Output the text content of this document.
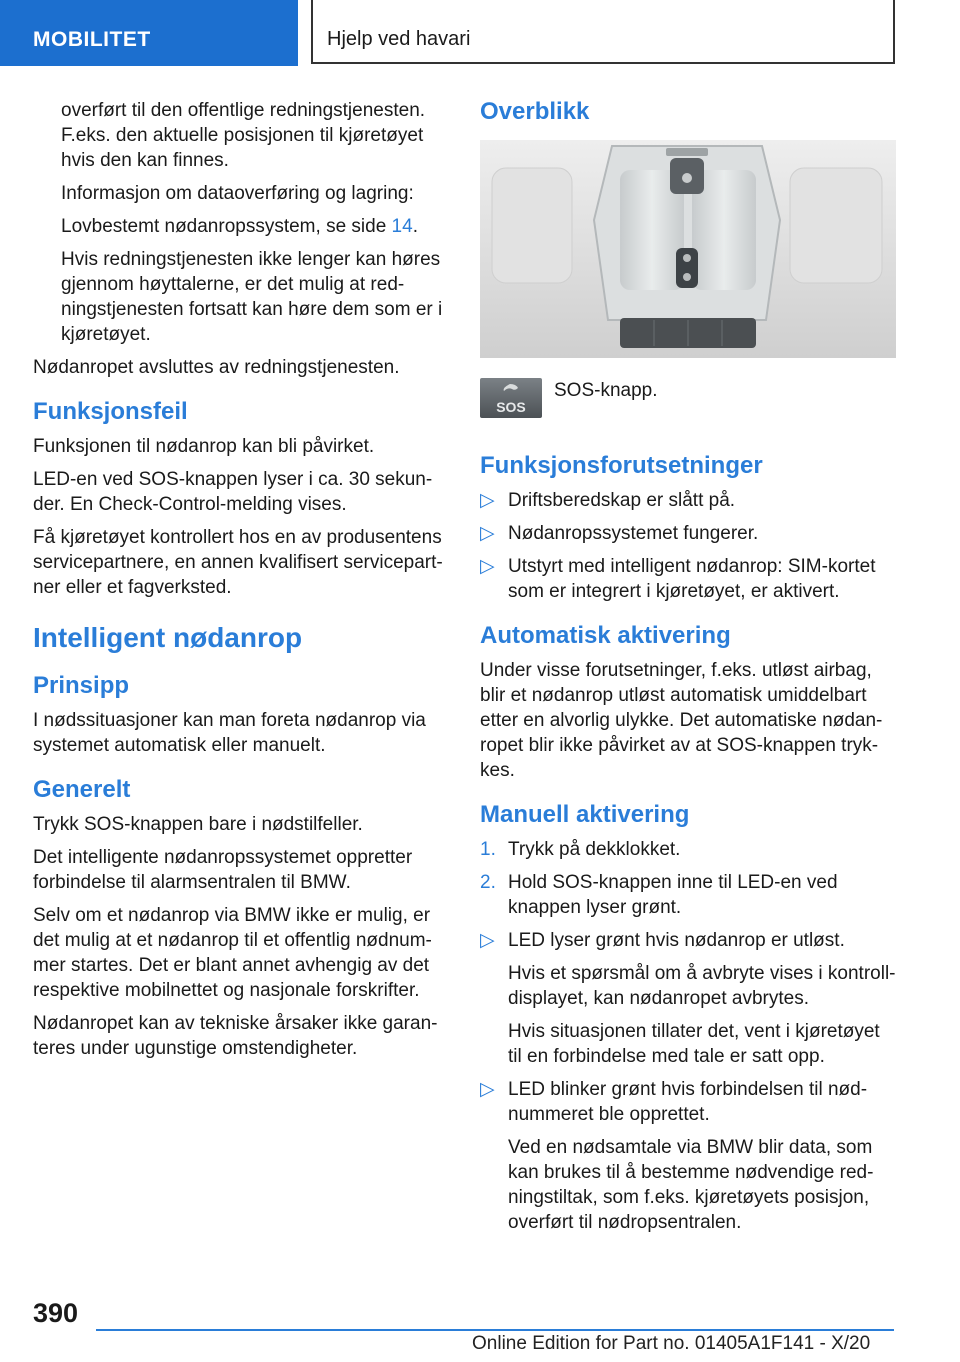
MOBILITET	Hjelp ved havari

overført til den offentlige redningstjenesten. F.eks. den aktuelle posisjonen til kjøretøyet hvis den kan finnes.

Informasjon om dataoverføring og lagring:

Lovbestemt nødanropssystem, se side 14.

Hvis redningstjenesten ikke lenger kan høres gjennom høyttalerne, er det mulig at redningstjenesten fortsatt kan høre dem som er i kjøretøyet.

Nødanropet avsluttes av redningstjenesten.

Funksjonsfeil

Funksjonen til nødanrop kan bli påvirket.

LED-en ved SOS-knappen lyser i ca. 30 sekunder. En Check-Control-melding vises.

Få kjøretøyet kontrollert hos en av produsentens servicepartnere, en annen kvalifisert servicepartner eller et fagverksted.

Intelligent nødanrop
Prinsipp

I nødssituasjoner kan man foreta nødanrop via systemet automatisk eller manuelt.

Generelt

Trykk SOS-knappen bare i nødstilfeller.

Det intelligente nødanropssystemet oppretter forbindelse til alarmsentralen til BMW.

Selv om et nødanrop via BMW ikke er mulig, er det mulig at et nødanrop til et offentlig nødnummer startes. Det er blant annet avhengig av det respektive mobilnettet og nasjonale forskrifter.

Nødanropet kan av tekniske årsaker ikke garanteres under ugunstige omstendigheter.

Overblikk
SOS
SOS-knapp.
Funksjonsforutsetninger
▷ Driftsberedskap er slått på.
▷ Nødanropssystemet fungerer.
▷ Utstyrt med intelligent nødanrop: SIM-kortet som er integrert i kjøretøyet, er aktivert.
Automatisk aktivering

Under visse forutsetninger, f.eks. utløst airbag, blir et nødanrop utløst automatisk umiddelbart etter en alvorlig ulykke. Det automatiske nødanropet blir ikke påvirket av at SOS-knappen trykkes.

Manuell aktivering
1. Trykk på dekklokket.
2. Hold SOS-knappen inne til LED-en ved knappen lyser grønt.
▷ LED lyser grønt hvis nødanrop er utløst.

Hvis et spørsmål om å avbryte vises i kontrolldisplayet, kan nødanropet avbrytes.

Hvis situasjonen tillater det, vent i kjøretøyet til en forbindelse med tale er satt opp.

▷ LED blinker grønt hvis forbindelsen til nødnummeret ble opprettet.

Ved en nødsamtale via BMW blir data, som kan brukes til å bestemme nødvendige redningstiltak, som f.eks. kjøretøyets posisjon, overført til nødropsentralen.

390
Online Edition for Part no. 01405A1F141 - X/20
